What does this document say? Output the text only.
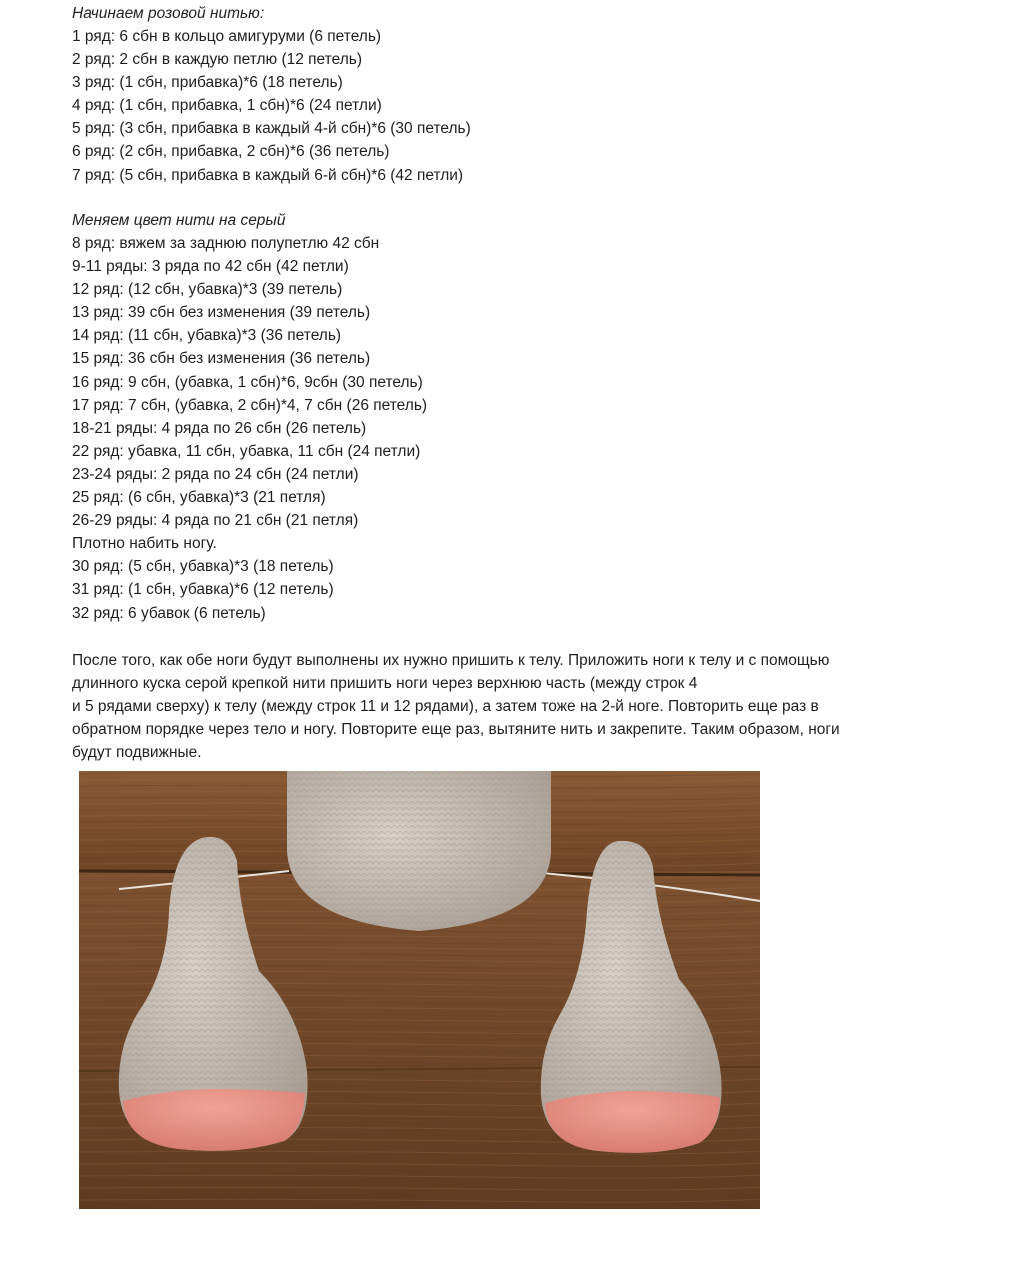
Начинаем розовой нитью:

1 ряд: 6 сбн в кольцо амигуруми (6 петель)

2 ряд: 2 сбн в каждую петлю (12 петель)

3 ряд: (1 сбн, прибавка)*6 (18 петель)

4 ряд: (1 сбн, прибавка, 1 сбн)*6 (24 петли)

5 ряд: (3 сбн, прибавка в каждый 4-й сбн)*6 (30 петель)

6 ряд: (2 сбн, прибавка, 2 сбн)*6 (36 петель)

7 ряд: (5 сбн, прибавка в каждый 6-й сбн)*6 (42 петли)

Меняем цвет нити на серый

8 ряд: вяжем за заднюю полупетлю 42 сбн

9-11 ряды: 3 ряда по 42 сбн (42 петли)

12 ряд: (12 сбн, убавка)*3 (39 петель)

13 ряд: 39 сбн без изменения (39 петель)

14 ряд: (11 сбн, убавка)*3 (36 петель)

15 ряд: 36 сбн без изменения (36 петель)

16 ряд: 9 сбн, (убавка, 1 сбн)*6, 9сбн (30 петель)

17 ряд: 7 сбн, (убавка, 2 сбн)*4, 7 сбн (26 петель)

18-21 ряды: 4 ряда по 26 сбн (26 петель)

22 ряд: убавка, 11 сбн, убавка, 11 сбн (24 петли)

23-24 ряды: 2 ряда по 24 сбн (24 петли)

25 ряд: (6 сбн, убавка)*3 (21 петля)

26-29 ряды: 4 ряда по 21 сбн (21 петля)

Плотно набить ногу.

30 ряд: (5 сбн, убавка)*3 (18 петель)

31 ряд: (1 сбн, убавка)*6 (12 петель)

32 ряд: 6 убавок (6 петель)

После того, как обе ноги будут выполнены их нужно пришить к телу. Приложить ноги к телу и с помощью
длинного куска серой крепкой нити пришить ноги через верхнюю часть (между строк 4
и 5 рядами сверху) к телу (между строк 11 и 12 рядами), а затем тоже на 2-й ноге. Повторить еще раз в
обратном порядке через тело и ногу. Повторите еще раз, вытяните нить и закрепите. Таким образом, ноги
будут подвижные.
